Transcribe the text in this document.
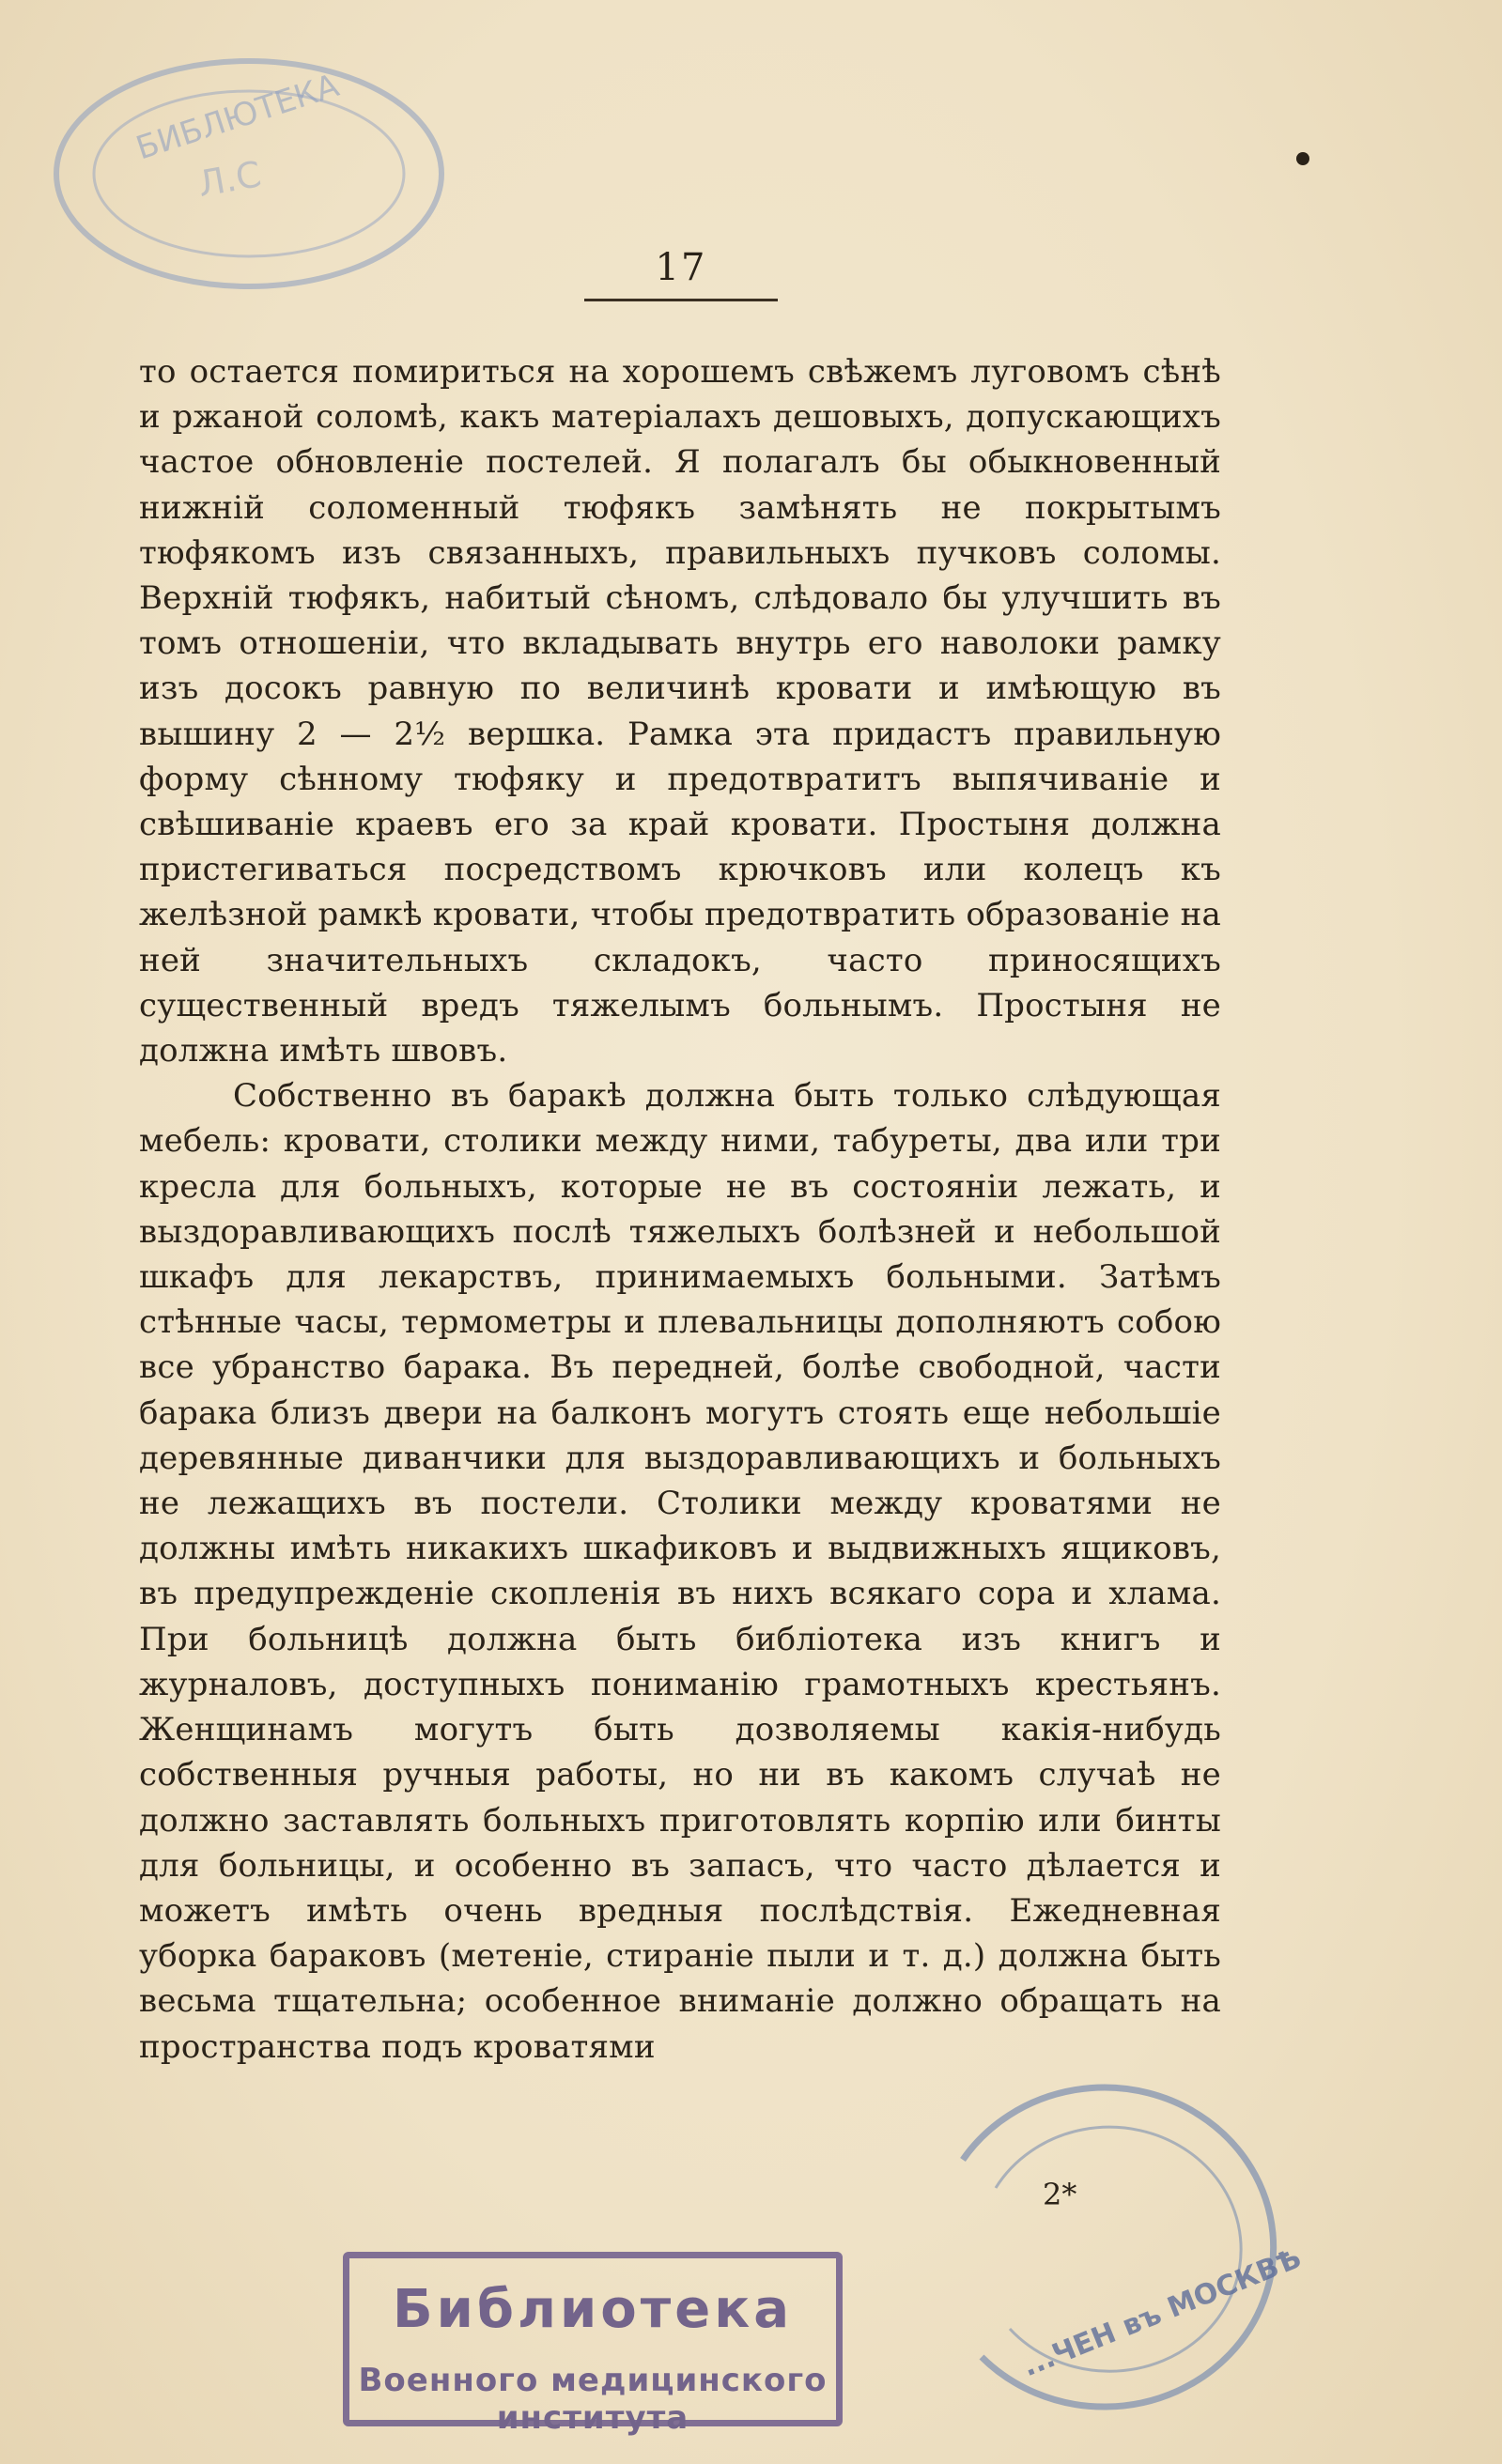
БИБЛЮТЕКА
Л.С
17

то остается помириться на хорошемъ свѣжемъ луговомъ сѣнѣ и ржаной соломѣ, какъ матеріалахъ дешовыхъ, допускающихъ частое обновленіе постелей. Я полагалъ бы обыкновенный нижній соломенный тюфякъ замѣнять не покрытымъ тюфякомъ изъ связанныхъ, правильныхъ пучковъ соломы. Верхній тюфякъ, набитый сѣномъ, слѣдовало бы улучшить въ томъ отношеніи, что вкладывать внутрь его наволоки рамку изъ досокъ равную по величинѣ кровати и имѣющую въ вышину 2 — 2½ вершка. Рамка эта придастъ правильную форму сѣнному тюфяку и предотвратитъ выпячиваніе и свѣшиваніе краевъ его за край кровати. Простыня должна пристегиваться посредствомъ крючковъ или колецъ къ желѣзной рамкѣ кровати, чтобы предотвратить образованіе на ней значительныхъ складокъ, часто приносящихъ существенный вредъ тяжелымъ больнымъ. Простыня не должна имѣть швовъ.

Собственно въ баракѣ должна быть только слѣдующая мебель: кровати, столики между ними, табуреты, два или три кресла для больныхъ, которые не въ состояніи лежать, и выздоравливающихъ послѣ тяжелыхъ болѣзней и небольшой шкафъ для лекарствъ, принимаемыхъ больными. Затѣмъ стѣнные часы, термометры и плевальницы дополняютъ собою все убранство барака. Въ передней, болѣе свободной, части барака близъ двери на балконъ могутъ стоять еще небольшіе деревянные диванчики для выздоравливающихъ и больныхъ не лежащихъ въ постели. Столики между кроватями не должны имѣть никакихъ шкафиковъ и выдвижныхъ ящиковъ, въ предупрежденіе скопленія въ нихъ всякаго сора и хлама. При больницѣ должна быть библіотека изъ книгъ и журналовъ, доступныхъ пониманію грамотныхъ крестьянъ. Женщинамъ могутъ быть дозволяемы какія-нибудь собственныя ручныя работы, но ни въ какомъ случаѣ не должно заставлять больныхъ приготовлять корпію или бинты для больницы, и особенно въ запасъ, что часто дѣлается и можетъ имѣть очень вредныя послѣдствія. Ежедневная уборка бараковъ (метеніе, стираніе пыли и т. д.) должна быть весьма тщательна; особенное вниманіе должно обращать на пространства подъ кроватями

2*
...ЧЕН въ МОСКВѢ
Библиотека
Военного медицинского института
